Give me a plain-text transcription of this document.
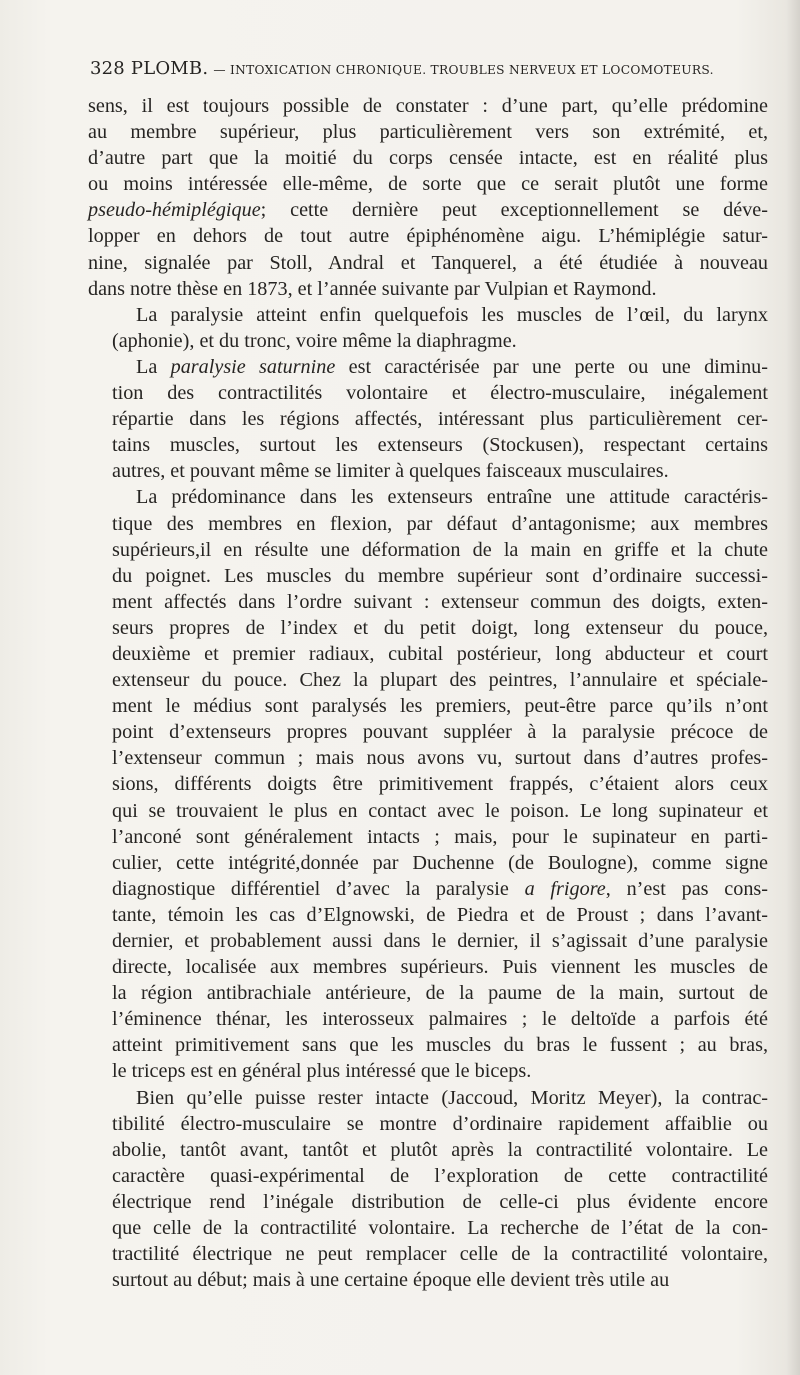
328 PLOMB. — INTOXICATION CHRONIQUE. TROUBLES NERVEUX ET LOCOMOTEURS.

sens, il est toujours possible de constater : d’une part, qu’elle prédomine
au membre supérieur, plus particulièrement vers son extrémité, et,
d’autre part que la moitié du corps censée intacte, est en réalité plus
ou moins intéressée elle-même, de sorte que ce serait plutôt une forme
pseudo-hémiplégique; cette dernière peut exceptionnellement se déve-
lopper en dehors de tout autre épiphénomène aigu. L’hémiplégie satur-
nine, signalée par Stoll, Andral et Tanquerel, a été étudiée à nouveau
dans notre thèse en 1873, et l’année suivante par Vulpian et Raymond.

La paralysie atteint enfin quelquefois les muscles de l’œil, du larynx
(aphonie), et du tronc, voire même la diaphragme.

La paralysie saturnine est caractérisée par une perte ou une diminu-
tion des contractilités volontaire et électro-musculaire, inégalement
répartie dans les régions affectés, intéressant plus particulièrement cer-
tains muscles, surtout les extenseurs (Stockusen), respectant certains
autres, et pouvant même se limiter à quelques faisceaux musculaires.

La prédominance dans les extenseurs entraîne une attitude caractéris-
tique des membres en flexion, par défaut d’antagonisme; aux membres
supérieurs,il en résulte une déformation de la main en griffe et la chute
du poignet. Les muscles du membre supérieur sont d’ordinaire successi-
ment affectés dans l’ordre suivant : extenseur commun des doigts, exten-
seurs propres de l’index et du petit doigt, long extenseur du pouce,
deuxième et premier radiaux, cubital postérieur, long abducteur et court
extenseur du pouce. Chez la plupart des peintres, l’annulaire et spéciale-
ment le médius sont paralysés les premiers, peut-être parce qu’ils n’ont
point d’extenseurs propres pouvant suppléer à la paralysie précoce de
l’extenseur commun ; mais nous avons vu, surtout dans d’autres profes-
sions, différents doigts être primitivement frappés, c’étaient alors ceux
qui se trouvaient le plus en contact avec le poison. Le long supinateur et
l’anconé sont généralement intacts ; mais, pour le supinateur en parti-
culier, cette intégrité,donnée par Duchenne (de Boulogne), comme signe
diagnostique différentiel d’avec la paralysie a frigore, n’est pas cons-
tante, témoin les cas d’Elgnowski, de Piedra et de Proust ; dans l’avant-
dernier, et probablement aussi dans le dernier, il s’agissait d’une paralysie
directe, localisée aux membres supérieurs. Puis viennent les muscles de
la région antibrachiale antérieure, de la paume de la main, surtout de
l’éminence thénar, les interosseux palmaires ; le deltoïde a parfois été
atteint primitivement sans que les muscles du bras le fussent ; au bras,
le triceps est en général plus intéressé que le biceps.

Bien qu’elle puisse rester intacte (Jaccoud, Moritz Meyer), la contrac-
tibilité électro-musculaire se montre d’ordinaire rapidement affaiblie ou
abolie, tantôt avant, tantôt et plutôt après la contractilité volontaire. Le
caractère quasi-expérimental de l’exploration de cette contractilité
électrique rend l’inégale distribution de celle-ci plus évidente encore
que celle de la contractilité volontaire. La recherche de l’état de la con-
tractilité électrique ne peut remplacer celle de la contractilité volontaire,
surtout au début; mais à une certaine époque elle devient très utile au
